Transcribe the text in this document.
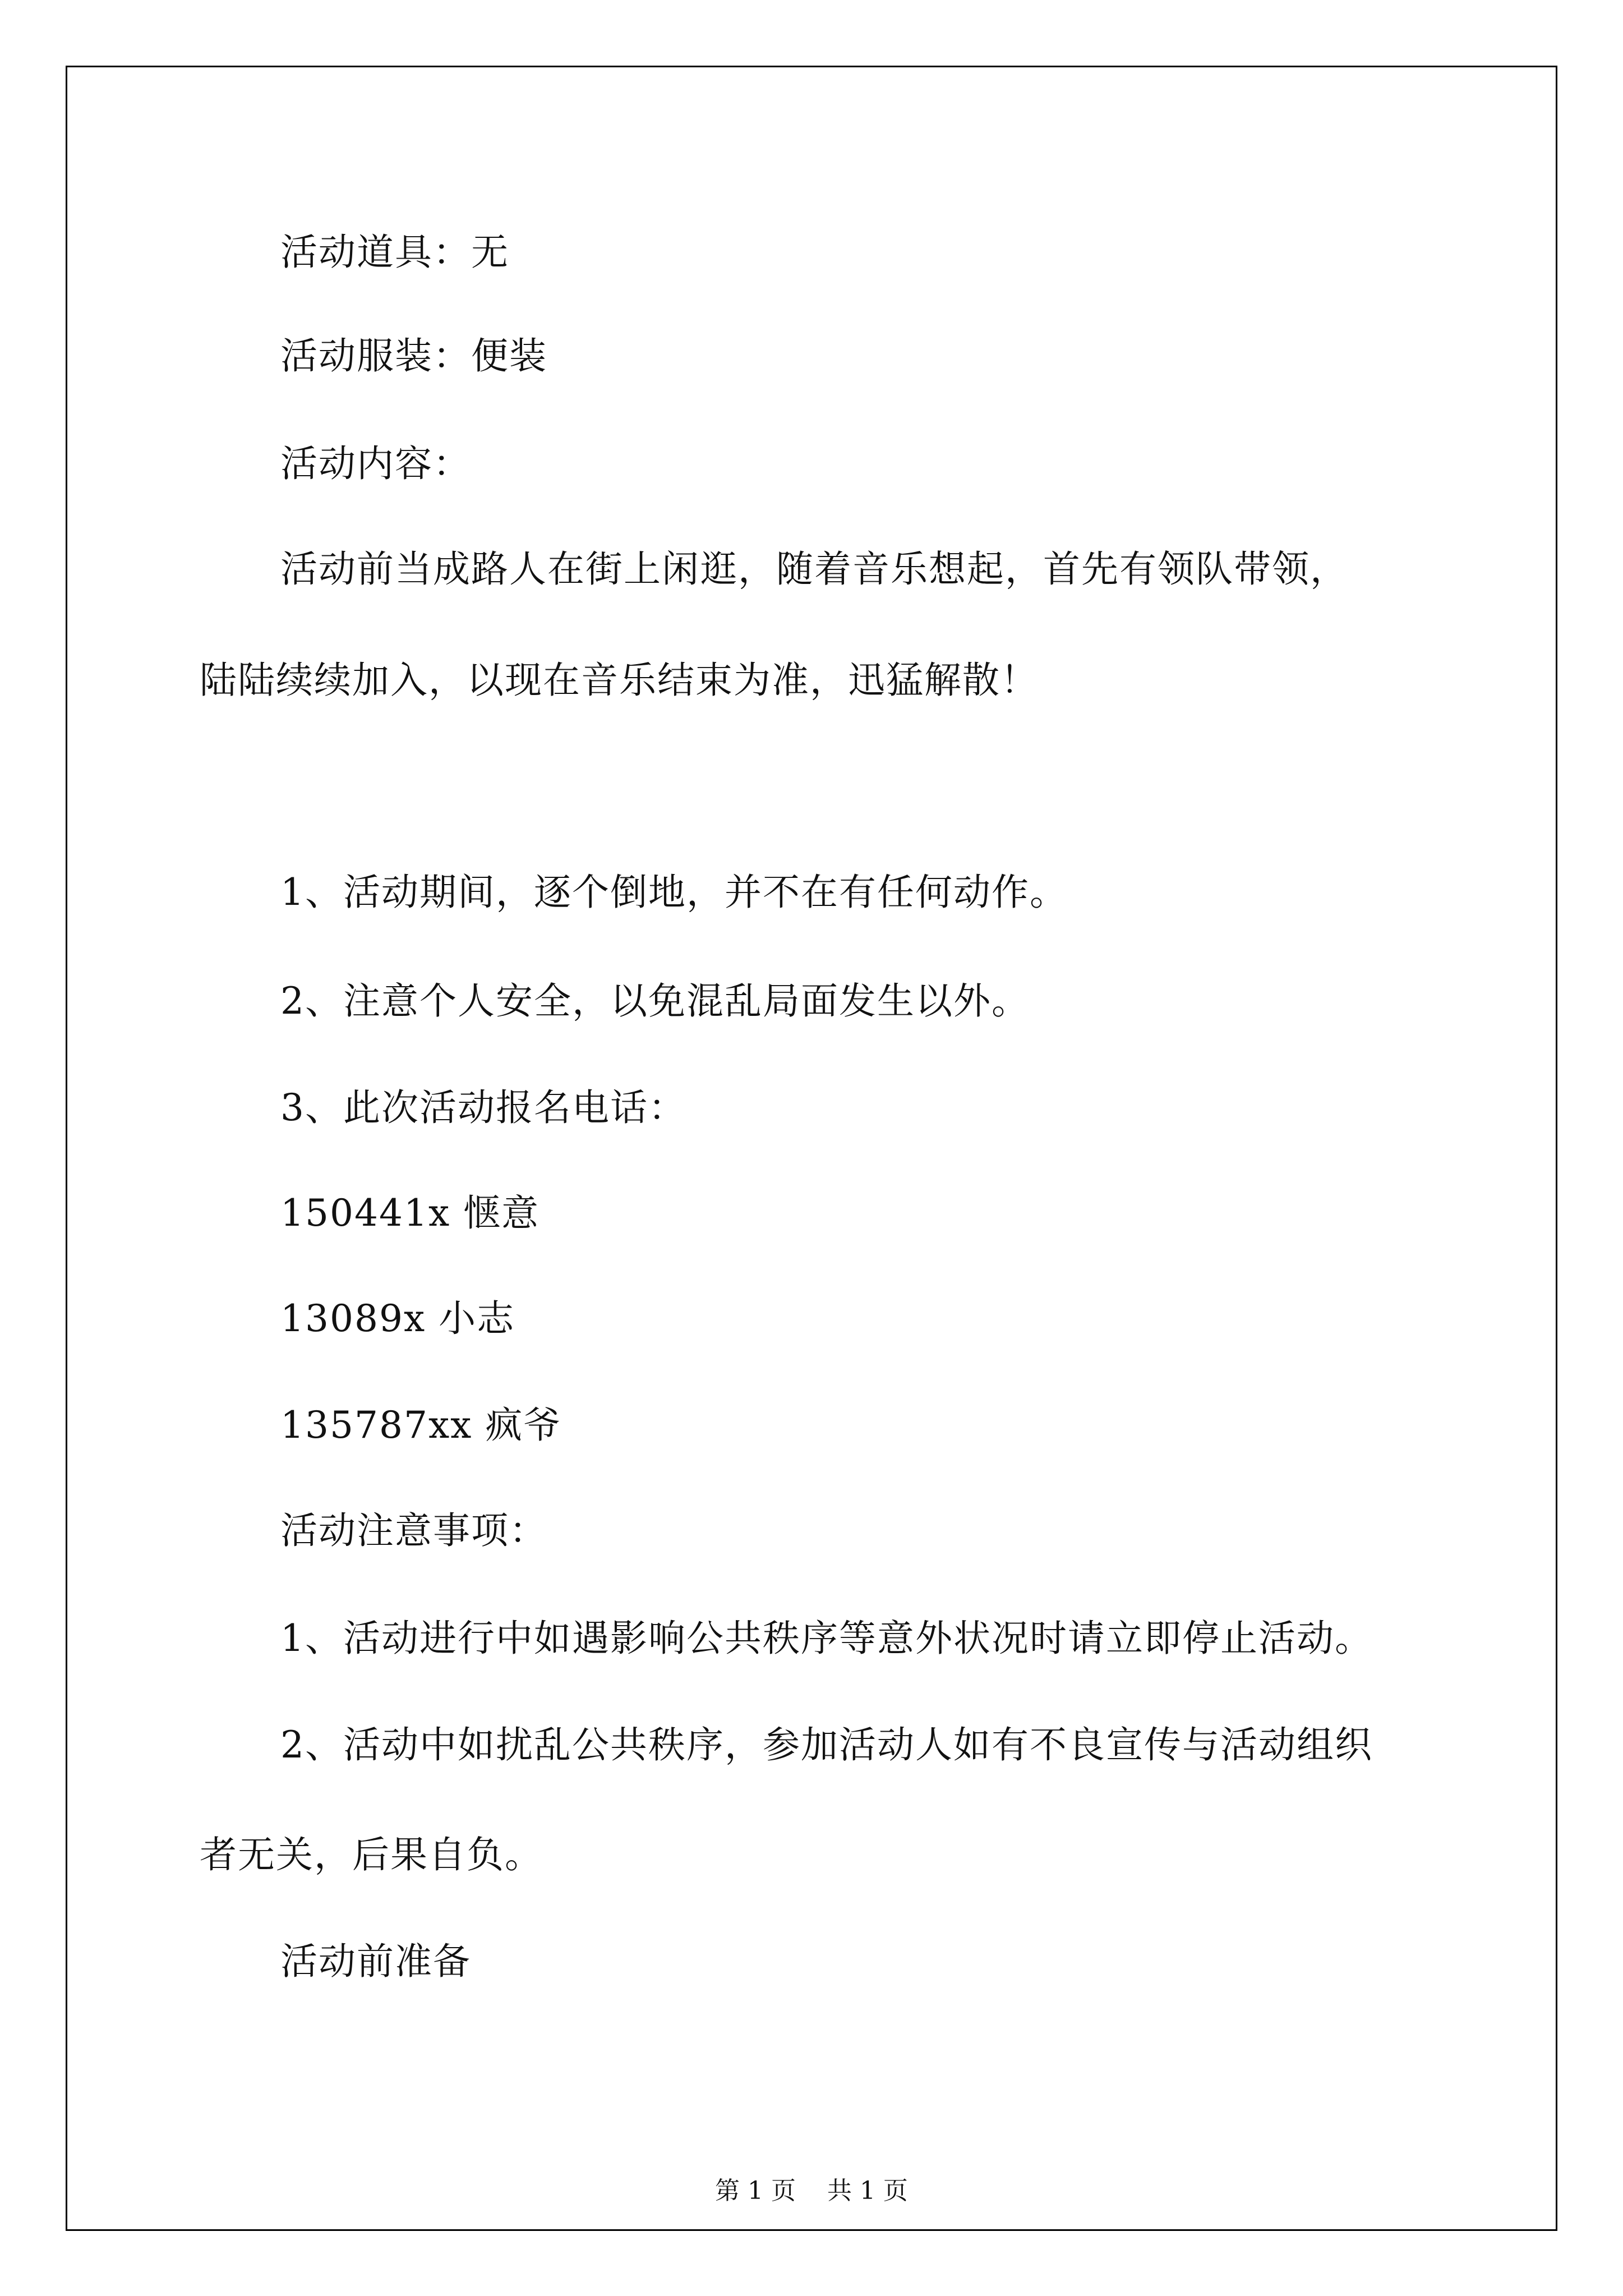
活动道具：无
活动服装：便装
活动内容：
活动前当成路人在街上闲逛，随着音乐想起，首先有领队带领，
陆陆续续加入，以现在音乐结束为准，迅猛解散！
1、活动期间，逐个倒地，并不在有任何动作。
2、注意个人安全，以免混乱局面发生以外。
3、此次活动报名电话：
150441x 惬意
13089x 小志
135787xx 疯爷
活动注意事项：
1、活动进行中如遇影响公共秩序等意外状况时请立即停止活动。
2、活动中如扰乱公共秩序，参加活动人如有不良宣传与活动组织
者无关，后果自负。
活动前准备
第 1 页    共 1 页
